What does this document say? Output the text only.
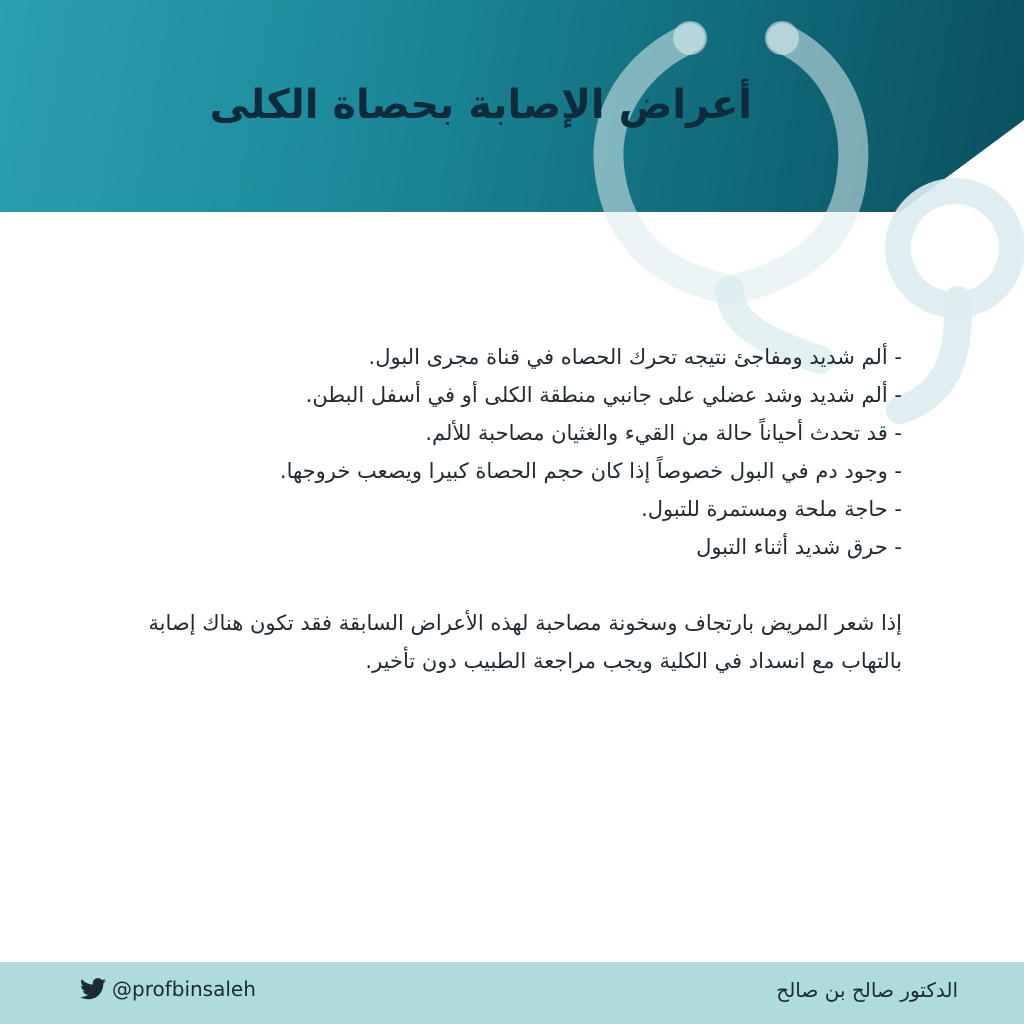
أعراض الإصابة بحصاة الكلى
- ألم شديد ومفاجئ نتيجه تحرك الحصاه في قناة مجرى البول.
- ألم شديد وشد عضلي على جانبي منطقة الكلى أو في أسفل البطن.
- قد تحدث أحياناً حالة من القيء والغثيان مصاحبة للألم.
- وجود دم في البول خصوصاً إذا كان حجم الحصاة كبيرا ويصعب خروجها.
- حاجة ملحة ومستمرة للتبول.
- حرق شديد أثناء التبول

إذا شعر المريض بارتجاف وسخونة مصاحبة لهذه الأعراض السابقة فقد تكون هناك إصابة بالتهاب مع انسداد في الكلية ويجب مراجعة الطبيب دون تأخير.

@profbinsaleh	الدكتور صالح بن صالح
